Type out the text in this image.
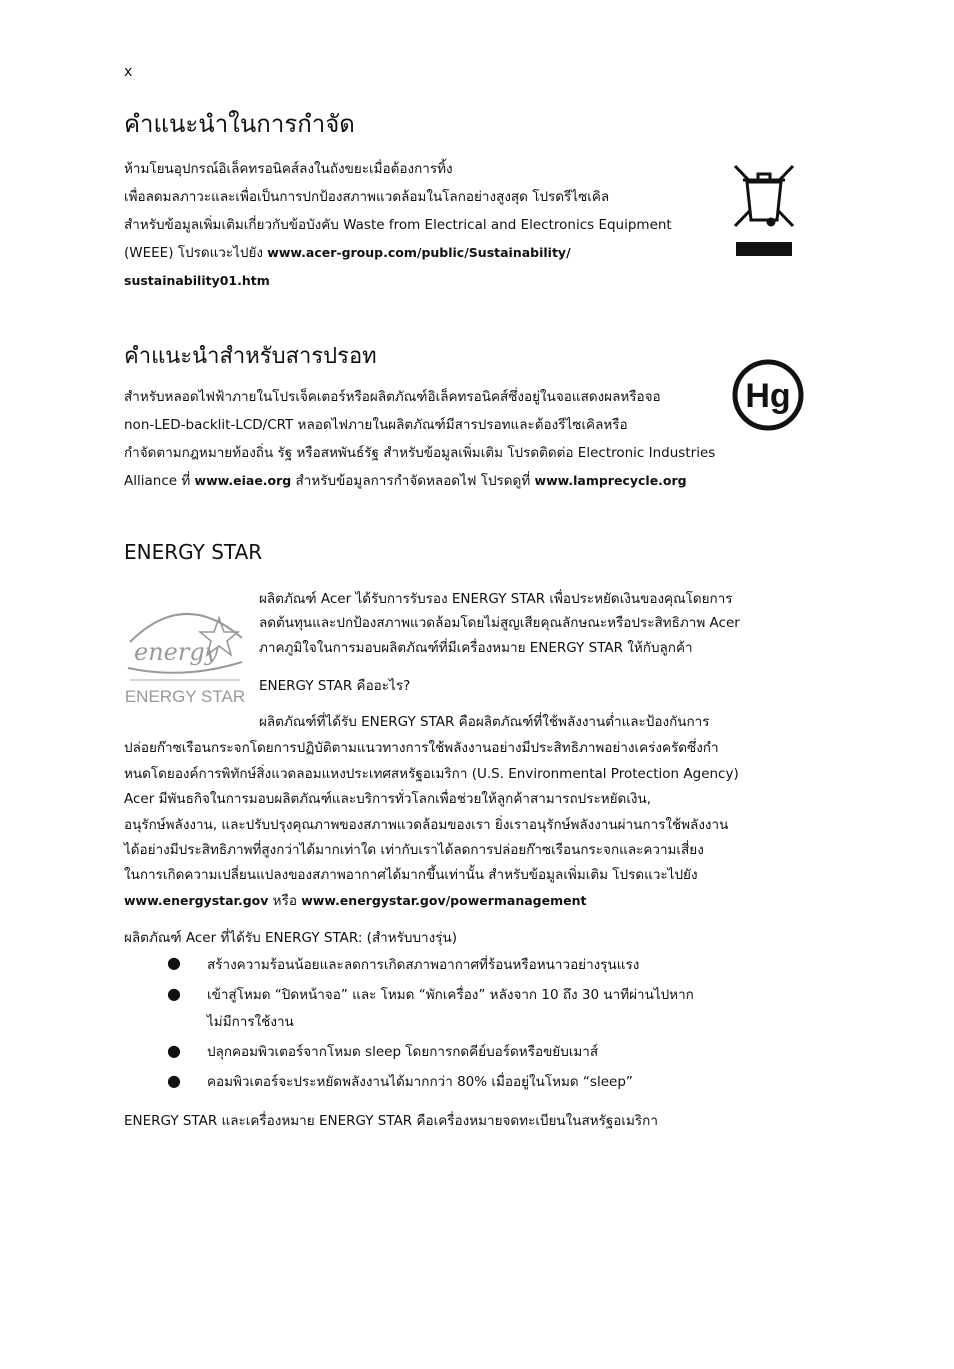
x
คำแนะนำในการกำจัด
ห้ามโยนอุปกรณ์อิเล็คทรอนิคส์ลงในถังขยะเมื่อต้องการทิ้ง
เพื่อลดมลภาวะและเพื่อเป็นการปกป้องสภาพแวดล้อมในโลกอย่างสูงสุด โปรดรีไซเคิล
สำหรับข้อมูลเพิ่มเติมเกี่ยวกับข้อบังคับ Waste from Electrical and Electronics Equipment
(WEEE) โปรดแวะไปยัง www.acer-group.com/public/Sustainability/
sustainability01.htm
คำแนะนำสำหรับสารปรอท
สำหรับหลอดไฟฟ้าภายในโปรเจ็คเตอร์หรือผลิตภัณฑ์อิเล็คทรอนิคส์ซึ่งอยู่ในจอแสดงผลหรือจอ
non-LED-backlit-LCD/CRT หลอดไฟภายในผลิตภัณฑ์มีสารปรอทและต้องรีไซเคิลหรือ
กำจัดตามกฎหมายท้องถิ่น รัฐ หรือสหพันธ์รัฐ สำหรับข้อมูลเพิ่มเติม โปรดติดต่อ Electronic Industries
Alliance ที่ www.eiae.org สำหรับข้อมูลการกำจัดหลอดไฟ โปรดดูที่ www.lamprecycle.org
Hg
ENERGY STAR
energy
ENERGY STAR
ผลิตภัณฑ์ Acer ได้รับการรับรอง ENERGY STAR เพื่อประหยัดเงินของคุณโดยการ
ลดต้นทุนและปกป้องสภาพแวดล้อมโดยไม่สูญเสียคุณลักษณะหรือประสิทธิภาพ Acer
ภาคภูมิใจในการมอบผลิตภัณฑ์ที่มีเครื่องหมาย ENERGY STAR ให้กับลูกค้า
ENERGY STAR คืออะไร?
ผลิตภัณฑ์ที่ได้รับ ENERGY STAR คือผลิตภัณฑ์ที่ใช้พลังงานต่ำและป้องกันการ
ปล่อยก๊าซเรือนกระจกโดยการปฏิบัติตามแนวทางการใช้พลังงานอย่างมีประสิทธิภาพอย่างเคร่งครัดซึ่งกำ
หนดโดยองค์การพิทักษ์สิ่งแวดลอมแหงประเทศสหรัฐอเมริกา (U.S. Environmental Protection Agency)
Acer มีพันธกิจในการมอบผลิตภัณฑ์และบริการทั่วโลกเพื่อช่วยให้ลูกค้าสามารถประหยัดเงิน,
อนุรักษ์พลังงาน, และปรับปรุงคุณภาพของสภาพแวดล้อมของเรา ยิ่งเราอนุรักษ์พลังงานผ่านการใช้พลังงาน
ได้อย่างมีประสิทธิภาพที่สูงกว่าได้มากเท่าใด เท่ากับเราได้ลดการปล่อยก๊าซเรือนกระจกและความเสี่ยง
ในการเกิดความเปลี่ยนแปลงของสภาพอากาศได้มากขึ้นเท่านั้น สำหรับข้อมูลเพิ่มเติม โปรดแวะไปยัง
www.energystar.gov หรือ www.energystar.gov/powermanagement
ผลิตภัณฑ์ Acer ที่ได้รับ ENERGY STAR: (สำหรับบางรุ่น)
● สร้างความร้อนน้อยและลดการเกิดสภาพอากาศที่ร้อนหรือหนาวอย่างรุนแรง
● เข้าสู่โหมด “ปิดหน้าจอ” และ โหมด “พักเครื่อง” หลังจาก 10 ถึง 30 นาทีผ่านไปหาก
ไม่มีการใช้งาน
● ปลุกคอมพิวเตอร์จากโหมด sleep โดยการกดคีย์บอร์ดหรือขยับเมาส์
● คอมพิวเตอร์จะประหยัดพลังงานได้มากกว่า 80% เมื่ออยู่ในโหมด “sleep”
ENERGY STAR และเครื่องหมาย ENERGY STAR คือเครื่องหมายจดทะเบียนในสหรัฐอเมริกา
